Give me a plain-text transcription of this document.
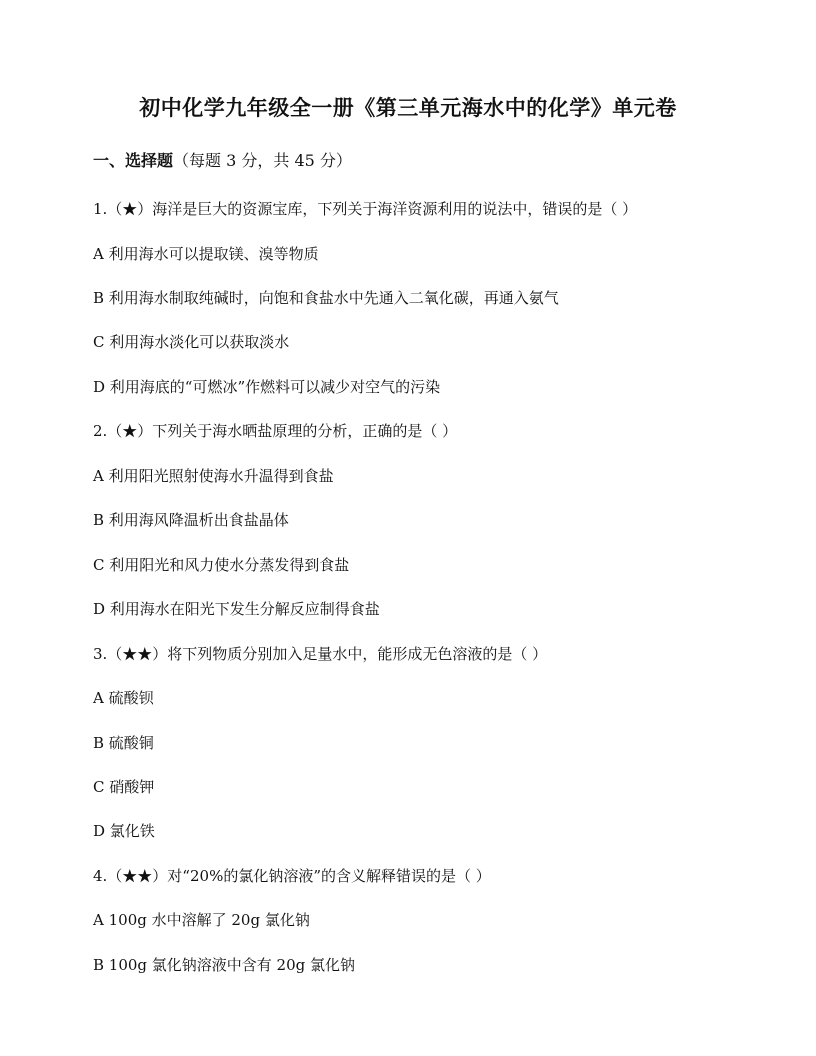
初中化学九年级全一册《第三单元海水中的化学》单元卷
一、选择题（每题 3 分，共 45 分）
1.（★）海洋是巨大的资源宝库，下列关于海洋资源利用的说法中，错误的是（ ）
A 利用海水可以提取镁、溴等物质
B 利用海水制取纯碱时，向饱和食盐水中先通入二氧化碳，再通入氨气
C 利用海水淡化可以获取淡水
D 利用海底的“可燃冰”作燃料可以减少对空气的污染
2.（★）下列关于海水晒盐原理的分析，正确的是（ ）
A 利用阳光照射使海水升温得到食盐
B 利用海风降温析出食盐晶体
C 利用阳光和风力使水分蒸发得到食盐
D 利用海水在阳光下发生分解反应制得食盐
3.（★★）将下列物质分别加入足量水中，能形成无色溶液的是（ ）
A 硫酸钡
B 硫酸铜
C 硝酸钾
D 氯化铁
4.（★★）对“20%的氯化钠溶液”的含义解释错误的是（ ）
A 100g 水中溶解了 20g 氯化钠
B 100g 氯化钠溶液中含有 20g 氯化钠
